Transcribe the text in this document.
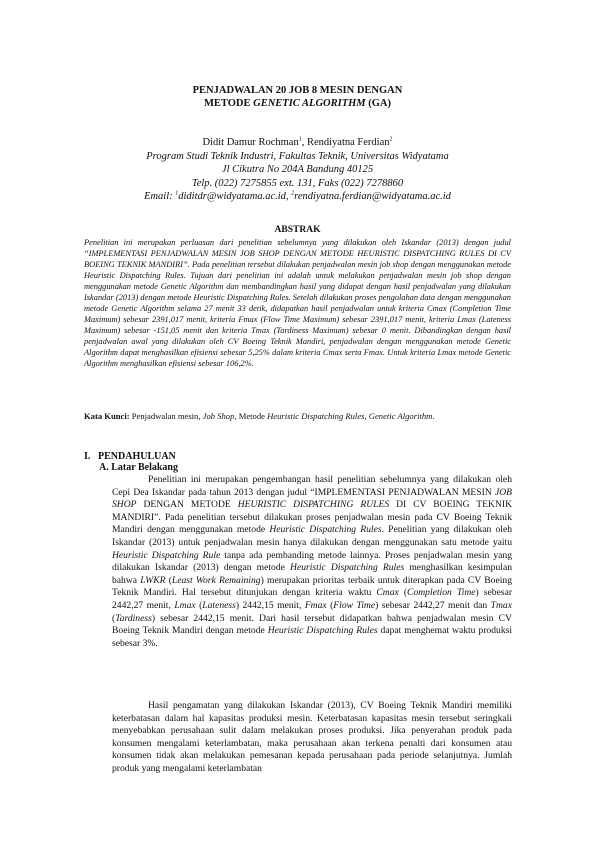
PENJADWALAN 20 JOB 8 MESIN DENGAN
METODE GENETIC ALGORITHM (GA)
Didit Damur Rochman$^1$, Rendiyatna Ferdian$^2$
Program Studi Teknik Industri, Fakultas Teknik, Universitas Widyatama
Jl Cikutra No 204A Bandung 40125
Telp. (022) 7275855 ext. 131, Faks (022) 7278860
Email: $^1$diditdr@widyatama.ac.id, $^2$rendiyatna.ferdian@widyatama.ac.id
ABSTRAK
Penelitian ini merupakan perluasan dari penelitian sebelumnya yang dilakukan oleh Iskandar (2013) dengan judul “IMPLEMENTASI PENJADWALAN MESIN JOB SHOP DENGAN METODE HEURISTIC DISPATCHING RULES DI CV BOEING TEKNIK MANDIRI”. Pada penelitian tersebut dilakukan penjadwalan mesin job shop dengan menggunakan metode Heuristic Dispatching Rules. Tujuan dari penelitian ini adalah untuk melakukan penjadwalan mesin job shop dengan menggunakan metode Genetic Algorithm dan membandingkan hasil yang didapat dengan hasil penjadwalan yang dilakukan Iskandar (2013) dengan metode Heuristic Dispatching Rules. Setelah dilakukan proses pengolahan data dengan menggunakan metode Genetic Algorithm selama 27 menit 33 detik, didapatkan hasil penjadwalan untuk kriteria Cmax (Completion Time Maximum) sebesar 2391,017 menit, kriteria Fmax (Flow Time Maximum) sebesar 2391,017 menit, kriteria Lmax (Lateness Maximum) sebesar -151,05 menit dan kriteria Tmax (Tardiness Maximum) sebesar 0 menit. Dibandingkan dengan hasil penjadwalan awal yang dilakukan oleh CV Boeing Teknik Mandiri, penjadwalan dengan menggunakan metode Genetic Algorithm dapat menghasilkan efisiensi sebesar 5,25% dalam kriteria Cmax serta Fmax. Untuk kriteria Lmax metode Genetic Algorithm menghasilkan efisiensi sebesar 106,2%.
Kata Kunci: Penjadwalan mesin, Job Shop, Metode Heuristic Dispatching Rules, Genetic Algorithm.
I. PENDAHULUAN
A. Latar Belakang
Penelitian ini merupakan pengembangan hasil penelitian sebelumnya yang dilakukan oleh Cepi Dea Iskandar pada tahun 2013 dengan judul “IMPLEMENTASI PENJADWALAN MESIN JOB SHOP DENGAN METODE HEURISTIC DISPATCHING RULES DI CV BOEING TEKNIK MANDIRI”. Pada penelitian tersebut dilakukan proses penjadwalan mesin pada CV Boeing Teknik Mandiri dengan menggunakan metode Heuristic Dispatching Rules. Penelitian yang dilakukan oleh Iskandar (2013) untuk penjadwalan mesin hanya dilakukan dengan menggunakan satu metode yaitu Heuristic Dispatching Rule tanpa ada pembanding metode lainnya. Proses penjadwalan mesin yang dilakukan Iskandar (2013) dengan metode Heuristic Dispatching Rules menghasilkan kesimpulan bahwa LWKR (Least Work Remaining) merupakan prioritas terbaik untuk diterapkan pada CV Boeing Teknik Mandiri. Hal tersebut ditunjukan dengan kriteria waktu Cmax (Completion Time) sebesar 2442,27 menit, Lmax (Lateness) 2442,15 menit, Fmax (Flow Time) sebesar 2442,27 menit dan Tmax (Tardiness) sebesar 2442,15 menit. Dari hasil tersebut didapatkan bahwa penjadwalan mesin CV Boeing Teknik Mandiri dengan metode Heuristic Dispatching Rules dapat menghemat waktu produksi sebesar 3%.
Hasil pengamatan yang dilakukan Iskandar (2013), CV Boeing Teknik Mandiri memiliki keterbatasan dalam hal kapasitas produksi mesin. Keterbatasan kapasitas mesin tersebut seringkali menyebabkan perusahaan sulit dalam melakukan proses produksi. Jika penyerahan produk pada konsumen mengalami keterlambatan, maka perusahaan akan terkena penalti dari konsumen atau konsumen tidak akan melakukan pemesanan kepada perusahaan pada periode selanjutnya. Jumlah produk yang mengalami keterlambatan
